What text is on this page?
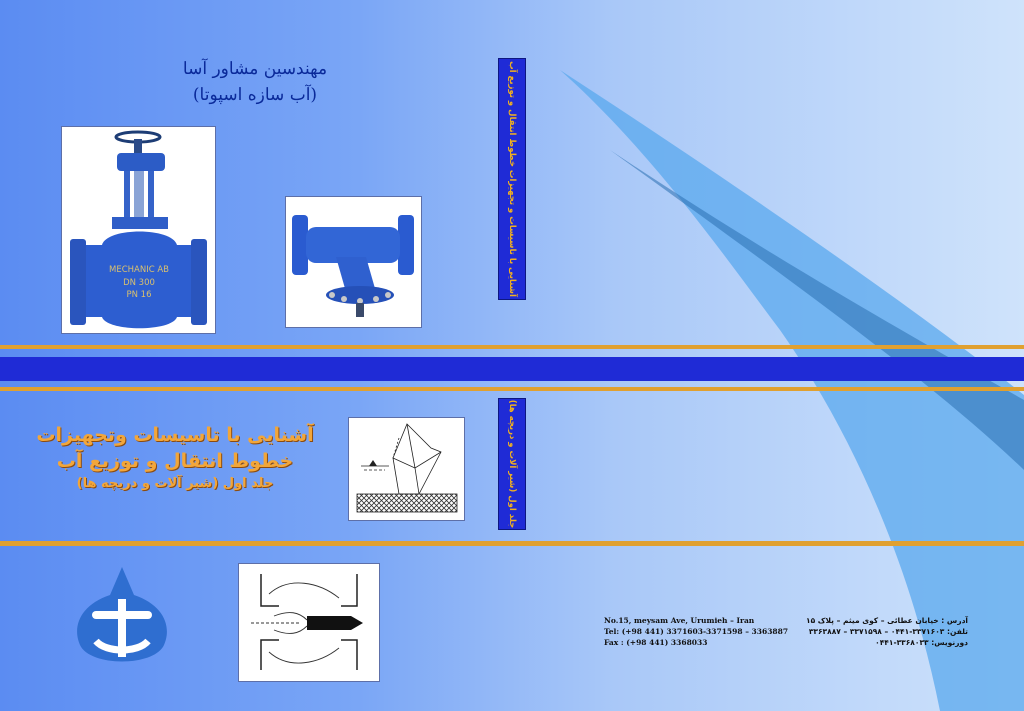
مهندسین مشاور آسا
(آب سازه اسپوتا)
MECHANIC AB
DN 300
PN 16	آشنایی با تاسیسات و تجهیزات خطوط انتقال و توزیع آب
آشنایی با تاسیسات وتجهیزات
خطوط انتقال و توزیع آب
جلد اول (شیر آلات و دریچه ها)	جلد اول (شیر آلات و دریچه ها)
No.15, meysam Ave, Urumieh – Iran
Tel: (+98 441) 3371603-3371598 – 3363887
Fax : (+98 441) 3368033
آدرس : خیابان عطائی – کوی میثم – پلاک ۱۵
تلفن: ۳۳۷۱۶۰۳-۰۴۴۱ – ۳۳۷۱۵۹۸ – ۳۳۶۳۸۸۷
دورنویس: ۳۳۶۸۰۳۳-۰۴۴۱
